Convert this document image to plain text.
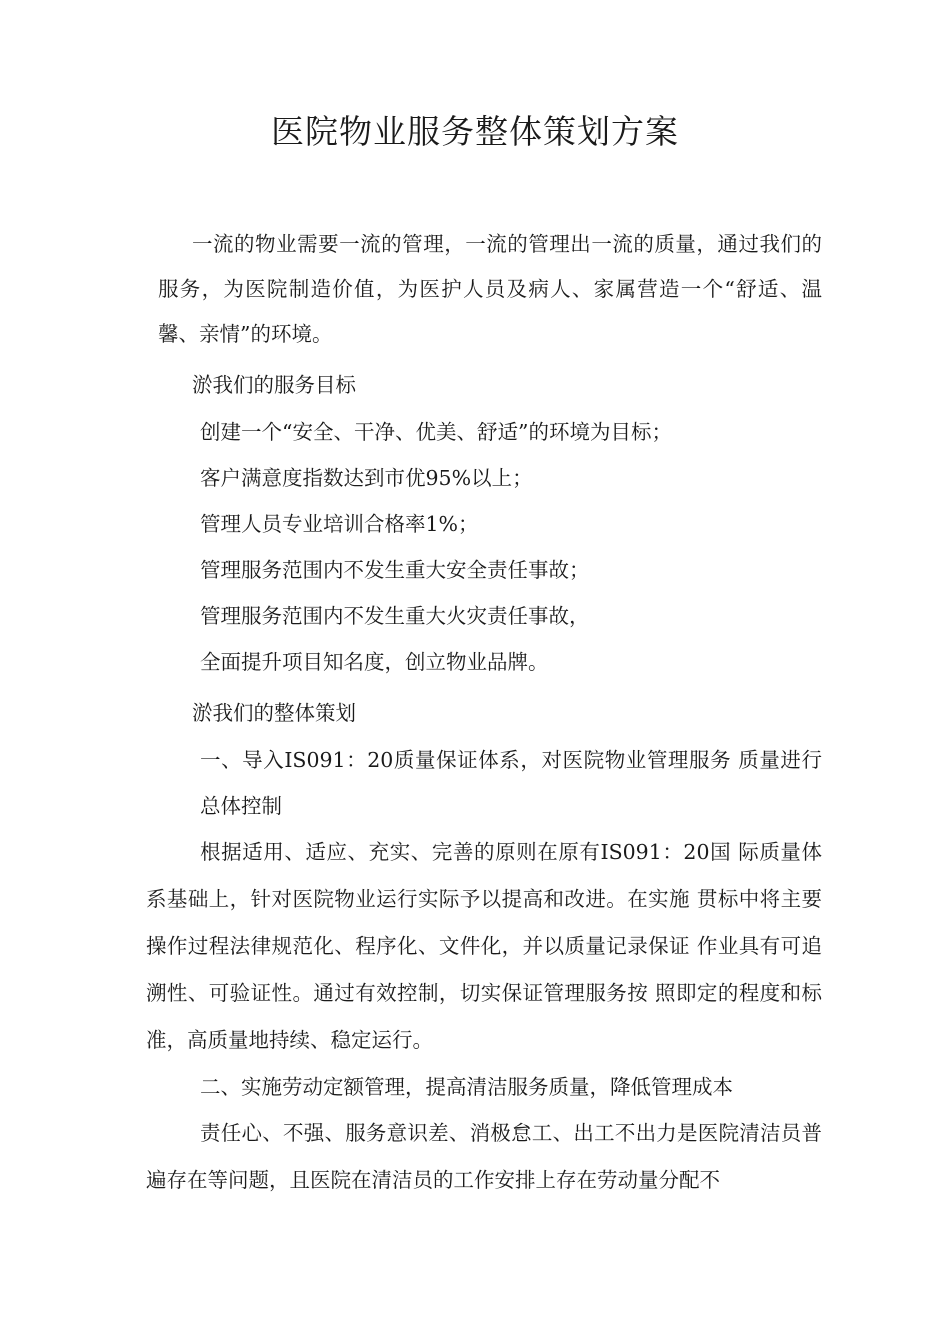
医院物业服务整体策划方案

一流的物业需要一流的管理，一流的管理出一流的质量，通过我们的服务，为医院制造价值，为医护人员及病人、家属营造一个“舒适、温馨、亲情”的环境。

淤我们的服务目标

创建一个“安全、干净、优美、舒适”的环境为目标；

客户满意度指数达到市优95%以上；

管理人员专业培训合格率1%；

管理服务范围内不发生重大安全责任事故；

管理服务范围内不发生重大火灾责任事故，

全面提升项目知名度，创立物业品牌。

淤我们的整体策划

一、导入IS091：20质量保证体系，对医院物业管理服务 质量进行总体控制

根据适用、适应、充实、完善的原则在原有IS091：20国 际质量体系基础上，针对医院物业运行实际予以提高和改进。在实施 贯标中将主要操作过程法律规范化、程序化、文件化，并以质量记录保证 作业具有可追溯性、可验证性。通过有效控制，切实保证管理服务按 照即定的程度和标准，高质量地持续、稳定运行。

二、实施劳动定额管理，提高清洁服务质量，降低管理成本

责任心、不强、服务意识差、消极怠工、出工不出力是医院清洁员普遍存在等问题，且医院在清洁员的工作安排上存在劳动量分配不
